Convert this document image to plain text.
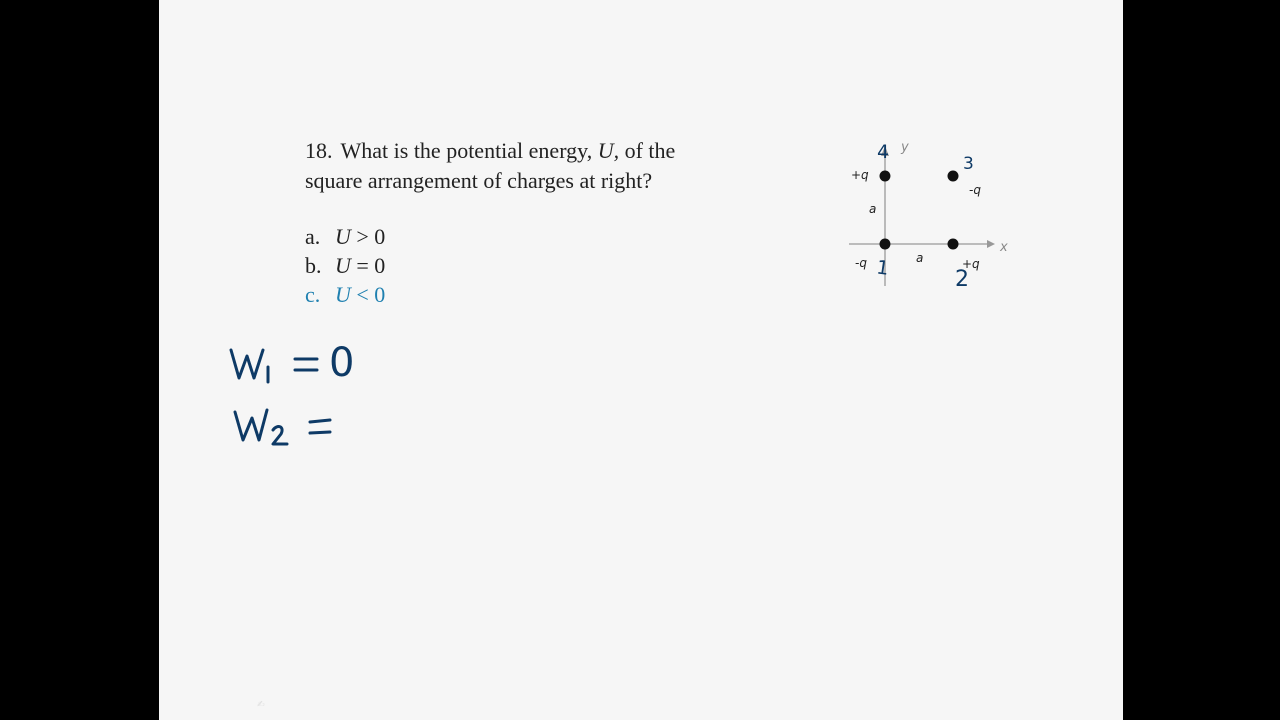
18. What is the potential energy, U, of the
square arrangement of charges at right?
a. U > 0
b. U = 0
c. U < 0
x
y
-q	+q
-q
+q
a
a
4
3
1	2
0
✍
